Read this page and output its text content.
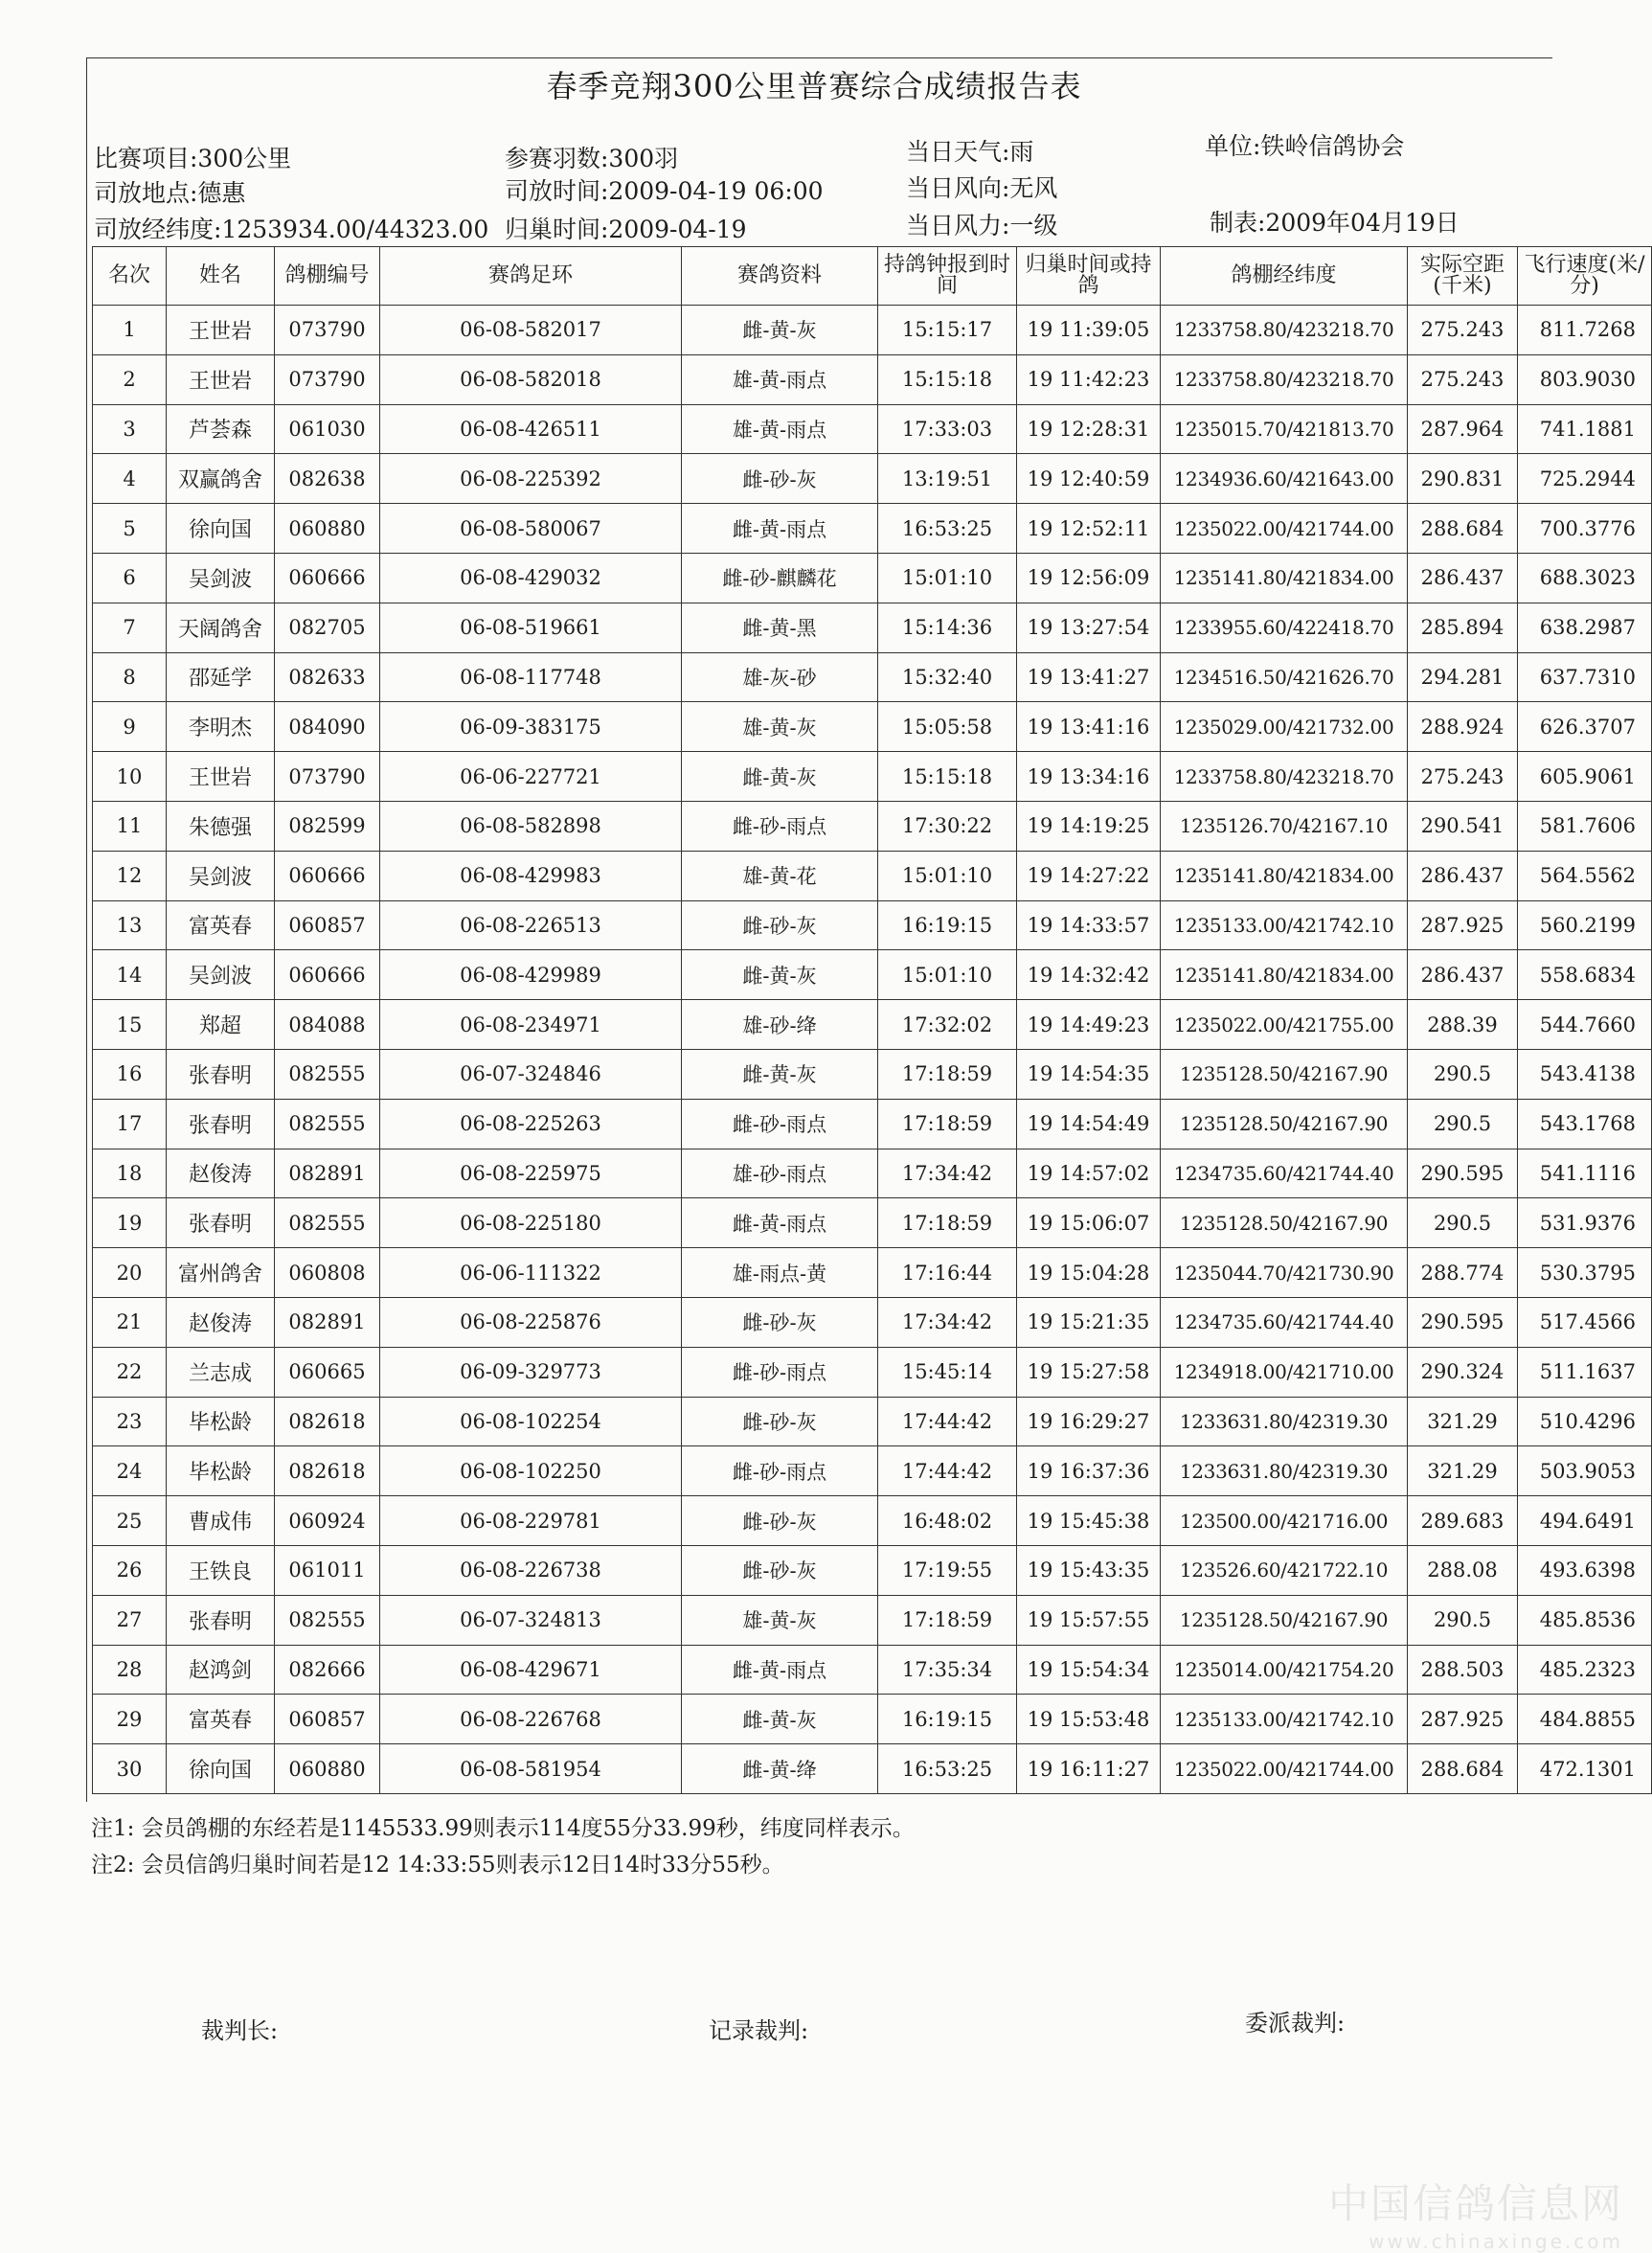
春季竞翔300公里普赛综合成绩报告表
比赛项目:300公里	参赛羽数:300羽	当日天气:雨	单位:铁岭信鸽协会
司放地点:德惠	司放时间:2009-04-19 06:00	当日风向:无风
司放经纬度:1253934.00/44323.00 归巢时间:2009-04-19	当日风力:一级	制表:2009年04月19日
名次	姓名	鸽棚编号	赛鸽足环	赛鸽资料	持鸽钟报到时间	归巢时间或持鸽	鸽棚经纬度	实际空距(千米)	飞行速度(米/分)
1	王世岩	073790	06-08-582017	雌-黄-灰	15:15:17	19 11:39:05	1233758.80/423218.70	275.243	811.7268
2	王世岩	073790	06-08-582018	雄-黄-雨点	15:15:18	19 11:42:23	1233758.80/423218.70	275.243	803.9030
3	芦荟森	061030	06-08-426511	雄-黄-雨点	17:33:03	19 12:28:31	1235015.70/421813.70	287.964	741.1881
4	双赢鸽舍	082638	06-08-225392	雌-砂-灰	13:19:51	19 12:40:59	1234936.60/421643.00	290.831	725.2944
5	徐向国	060880	06-08-580067	雌-黄-雨点	16:53:25	19 12:52:11	1235022.00/421744.00	288.684	700.3776
6	吴剑波	060666	06-08-429032	雌-砂-麒麟花	15:01:10	19 12:56:09	1235141.80/421834.00	286.437	688.3023
7	天阔鸽舍	082705	06-08-519661	雌-黄-黑	15:14:36	19 13:27:54	1233955.60/422418.70	285.894	638.2987
8	邵延学	082633	06-08-117748	雄-灰-砂	15:32:40	19 13:41:27	1234516.50/421626.70	294.281	637.7310
9	李明杰	084090	06-09-383175	雄-黄-灰	15:05:58	19 13:41:16	1235029.00/421732.00	288.924	626.3707
10	王世岩	073790	06-06-227721	雌-黄-灰	15:15:18	19 13:34:16	1233758.80/423218.70	275.243	605.9061
11	朱德强	082599	06-08-582898	雌-砂-雨点	17:30:22	19 14:19:25	1235126.70/42167.10	290.541	581.7606
12	吴剑波	060666	06-08-429983	雄-黄-花	15:01:10	19 14:27:22	1235141.80/421834.00	286.437	564.5562
13	富英春	060857	06-08-226513	雌-砂-灰	16:19:15	19 14:33:57	1235133.00/421742.10	287.925	560.2199
14	吴剑波	060666	06-08-429989	雌-黄-灰	15:01:10	19 14:32:42	1235141.80/421834.00	286.437	558.6834
15	郑超	084088	06-08-234971	雄-砂-绛	17:32:02	19 14:49:23	1235022.00/421755.00	288.39	544.7660
16	张春明	082555	06-07-324846	雌-黄-灰	17:18:59	19 14:54:35	1235128.50/42167.90	290.5	543.4138
17	张春明	082555	06-08-225263	雌-砂-雨点	17:18:59	19 14:54:49	1235128.50/42167.90	290.5	543.1768
18	赵俊涛	082891	06-08-225975	雄-砂-雨点	17:34:42	19 14:57:02	1234735.60/421744.40	290.595	541.1116
19	张春明	082555	06-08-225180	雌-黄-雨点	17:18:59	19 15:06:07	1235128.50/42167.90	290.5	531.9376
20	富州鸽舍	060808	06-06-111322	雄-雨点-黄	17:16:44	19 15:04:28	1235044.70/421730.90	288.774	530.3795
21	赵俊涛	082891	06-08-225876	雌-砂-灰	17:34:42	19 15:21:35	1234735.60/421744.40	290.595	517.4566
22	兰志成	060665	06-09-329773	雌-砂-雨点	15:45:14	19 15:27:58	1234918.00/421710.00	290.324	511.1637
23	毕松龄	082618	06-08-102254	雌-砂-灰	17:44:42	19 16:29:27	1233631.80/42319.30	321.29	510.4296
24	毕松龄	082618	06-08-102250	雌-砂-雨点	17:44:42	19 16:37:36	1233631.80/42319.30	321.29	503.9053
25	曹成伟	060924	06-08-229781	雌-砂-灰	16:48:02	19 15:45:38	123500.00/421716.00	289.683	494.6491
26	王铁良	061011	06-08-226738	雌-砂-灰	17:19:55	19 15:43:35	123526.60/421722.10	288.08	493.6398
27	张春明	082555	06-07-324813	雄-黄-灰	17:18:59	19 15:57:55	1235128.50/42167.90	290.5	485.8536
28	赵鸿剑	082666	06-08-429671	雌-黄-雨点	17:35:34	19 15:54:34	1235014.00/421754.20	288.503	485.2323
29	富英春	060857	06-08-226768	雌-黄-灰	16:19:15	19 15:53:48	1235133.00/421742.10	287.925	484.8855
30	徐向国	060880	06-08-581954	雌-黄-绛	16:53:25	19 16:11:27	1235022.00/421744.00	288.684	472.1301
注1: 会员鸽棚的东经若是1145533.99则表示114度55分33.99秒，纬度同样表示。
注2: 会员信鸽归巢时间若是12 14:33:55则表示12日14时33分55秒。
裁判长:	记录裁判:	委派裁判:
中国信鸽信息网
www.chinaxinge.com
